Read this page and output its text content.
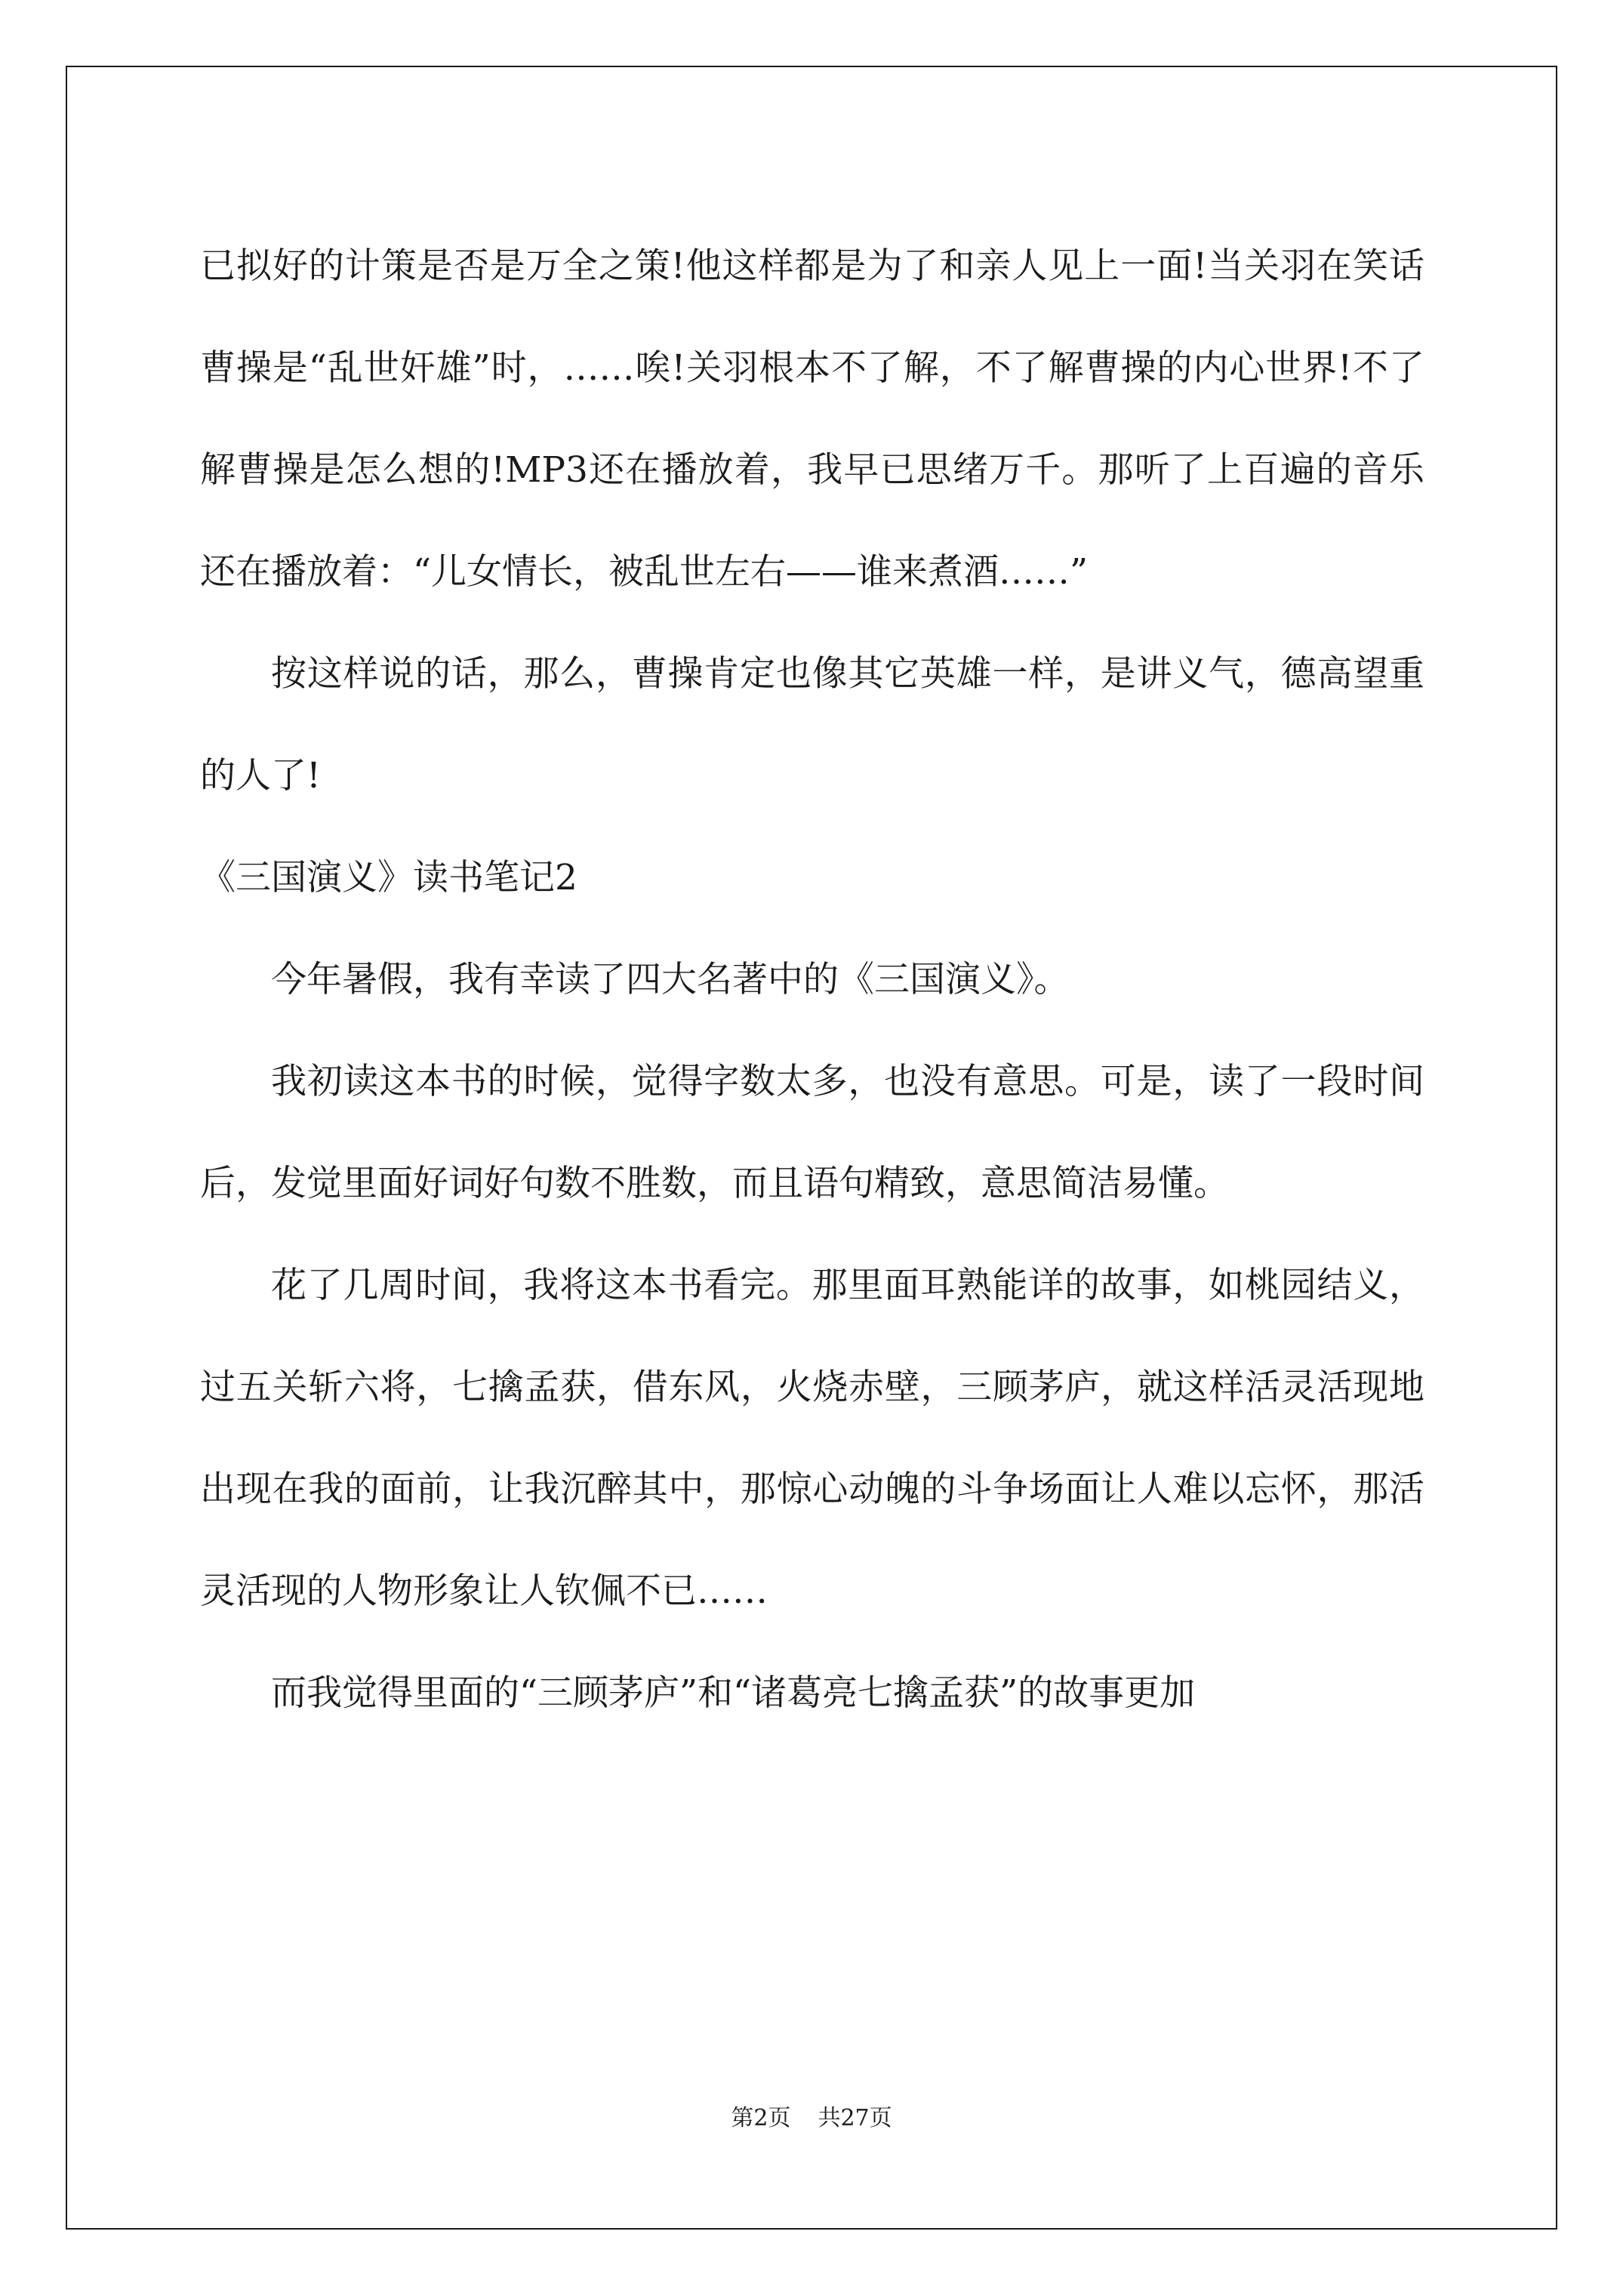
已拟好的计策是否是万全之策!他这样都是为了和亲人见上一面!当关羽在笑话曹操是“乱世奸雄”时，……唉!关羽根本不了解，不了解曹操的内心世界!不了解曹操是怎么想的!MP3还在播放着，我早已思绪万千。那听了上百遍的音乐还在播放着：“儿女情长，被乱世左右——谁来煮酒……”

按这样说的话，那么，曹操肯定也像其它英雄一样，是讲义气，德高望重的人了!

《三国演义》读书笔记2

今年暑假，我有幸读了四大名著中的《三国演义》。

我初读这本书的时候，觉得字数太多，也没有意思。可是，读了一段时间后，发觉里面好词好句数不胜数，而且语句精致，意思简洁易懂。

花了几周时间，我将这本书看完。那里面耳熟能详的故事，如桃园结义，过五关斩六将，七擒孟获，借东风，火烧赤壁，三顾茅庐，就这样活灵活现地出现在我的面前，让我沉醉其中，那惊心动魄的斗争场面让人难以忘怀，那活灵活现的人物形象让人钦佩不已……

而我觉得里面的“三顾茅庐”和“诸葛亮七擒孟获”的故事更加

第2页 共27页
